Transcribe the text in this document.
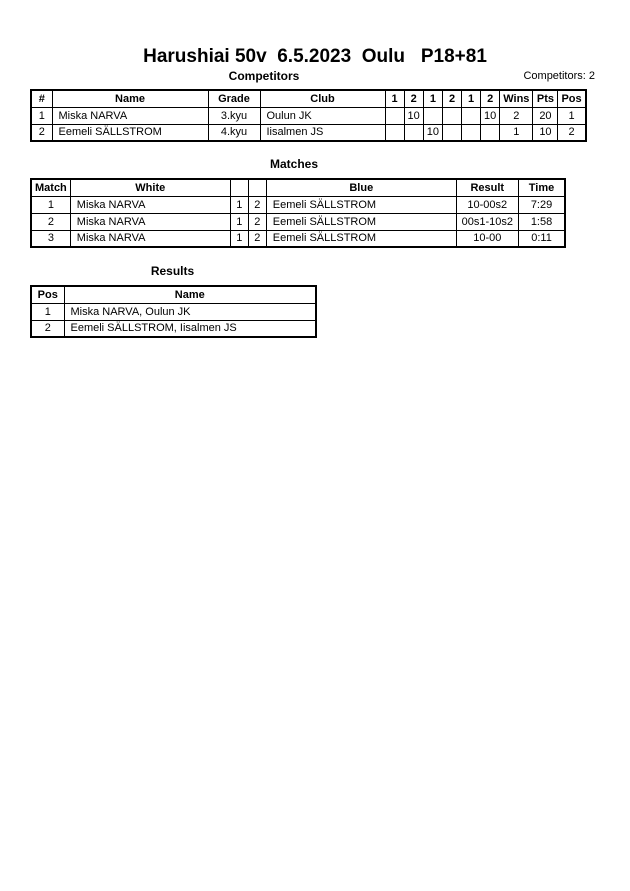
Harushiai 50v  6.5.2023  Oulu   P18+81
Competitors	Competitors: 2
#	Name	Grade	Club	1	2	1	2	1	2	Wins	Pts	Pos
1	Miska NARVA	3.kyu	Oulun JK		10				10	2	20	1
2	Eemeli SÄLLSTROM	4.kyu	Iisalmen JS			10				1	10	2
Matches
Match	White			Blue	Result	Time
1	Miska NARVA	1	2	Eemeli SÄLLSTROM	10-00s2	7:29
2	Miska NARVA	1	2	Eemeli SÄLLSTROM	00s1-10s2	1:58
3	Miska NARVA	1	2	Eemeli SÄLLSTROM	10-00	0:11
Results
Pos	Name
1	Miska NARVA, Oulun JK
2	Eemeli SÄLLSTROM, Iisalmen JS
